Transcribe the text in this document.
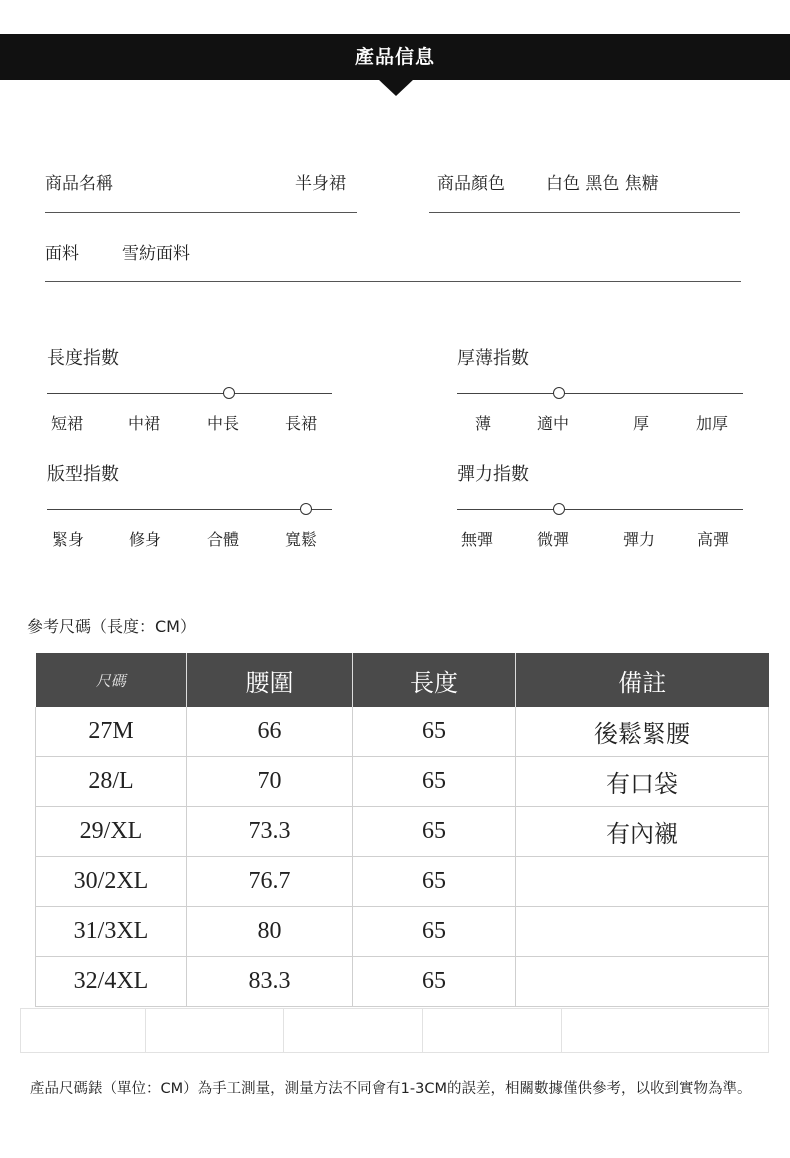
產品信息
商品名稱	半身裙	商品顏色 白色 黑色 焦糖
面料	雪紡面料
長度指數
短裙	中裙	中長	長裙
厚薄指數
薄	適中	厚	加厚
版型指數
緊身	修身	合體	寬鬆
彈力指數
無彈	微彈	彈力	高彈
參考尺碼（長度：CM）
尺碼	腰圍	長度	備註
27M	66	65	後鬆緊腰
28/L	70	65	有口袋
29/XL	73.3	65	有內襯
30/2XL	76.7	65	
31/3XL	80	65	
32/4XL	83.3	65	
產品尺碼錶（單位：CM）為手工測量，測量方法不同會有1-3CM的誤差，相關數據僅供參考，以收到實物為準。
